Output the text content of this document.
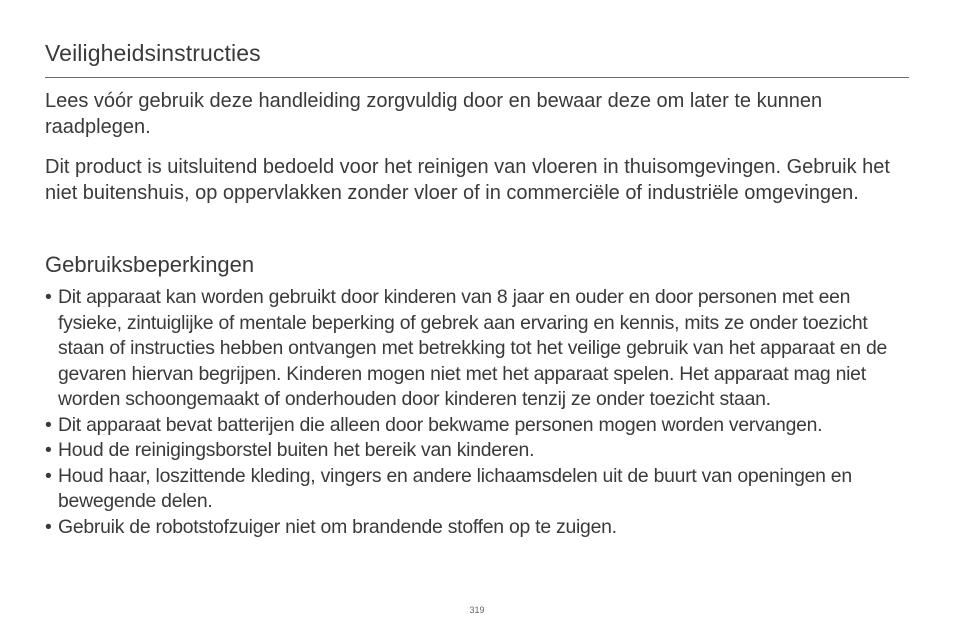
Veiligheidsinstructies

Lees vóór gebruik deze handleiding zorgvuldig door en bewaar deze om later te kunnen raadplegen.

Dit product is uitsluitend bedoeld voor het reinigen van vloeren in thuisomgevingen. Gebruik het niet buitenshuis, op oppervlakken zonder vloer of in commerciële of industriële omgevingen.

Gebruiksbeperkingen
• Dit apparaat kan worden gebruikt door kinderen van 8 jaar en ouder en door personen met een fysieke, zintuiglijke of mentale beperking of gebrek aan ervaring en kennis, mits ze onder toezicht staan of instructies hebben ontvangen met betrekking tot het veilige gebruik van het apparaat en de gevaren hiervan begrijpen. Kinderen mogen niet met het apparaat spelen. Het apparaat mag niet worden schoongemaakt of onderhouden door kinderen tenzij ze onder toezicht staan.
• Dit apparaat bevat batterijen die alleen door bekwame personen mogen worden vervangen.
• Houd de reinigingsborstel buiten het bereik van kinderen.
• Houd haar, loszittende kleding, vingers en andere lichaamsdelen uit de buurt van openingen en bewegende delen.
• Gebruik de robotstofzuiger niet om brandende stoffen op te zuigen.
319
